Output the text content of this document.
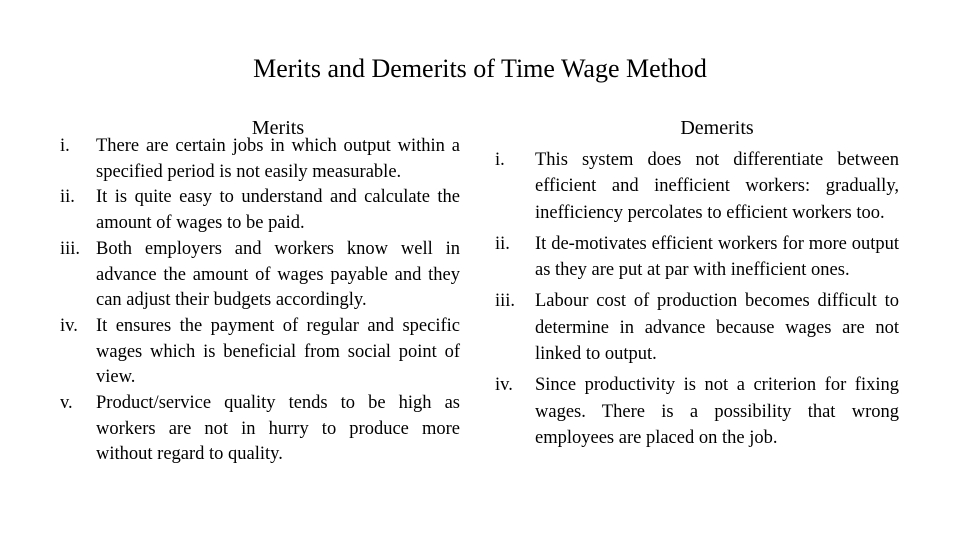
Merits and Demerits of Time Wage Method
Merits
i.	There are certain jobs in which output within a specified period is not easily measurable.
ii.	It is quite easy to understand and calculate the amount of wages to be paid.
iii. Both employers and workers know well in advance the amount of wages payable and they can adjust their budgets accordingly.
iv. It ensures the payment of regular and specific wages which is beneficial from social point of view.
v.	Product/service quality tends to be high as workers are not in hurry to produce more without regard to quality.
Demerits
i.	This system does not differentiate between efficient and inefficient workers: gradually, inefficiency percolates to efficient workers too.
ii.	It de-motivates efficient workers for more output as they are put at par with inefficient ones.
iii.	Labour cost of production becomes difficult to determine in advance because wages are not linked to output.
iv.	Since productivity is not a criterion for fixing wages. There is a possibility that wrong employees are placed on the job.
